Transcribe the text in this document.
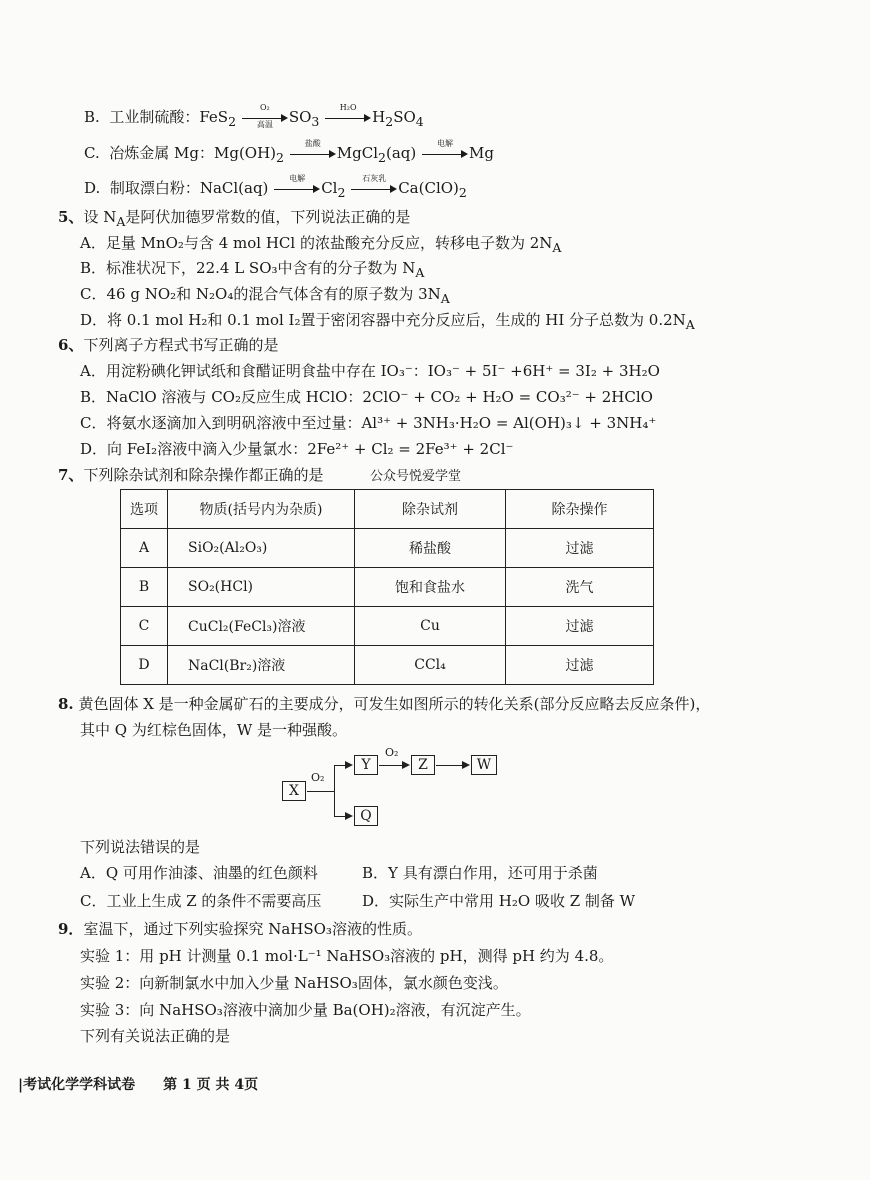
B. 工业制硫酸：FeS$_2$
O₂
高温	$SO_3$
H₂O
$H_2SO_4$
C. 冶炼金属 Mg：$Mg(OH)_2$
盐酸
MgCl$_2$(aq)
电解
Mg
D. 制取漂白粉：NaCl(aq)
电解
$Cl_2$
石灰乳
$Ca(ClO)_2$
5、设 $N_A$是阿伏加德罗常数的值，下列说法正确的是
A．足量 MnO₂与含 4 mol HCl 的浓盐酸充分反应，转移电子数为 $2N_A$
B．标准状况下，22.4 L SO₃中含有的分子数为 $N_A$
C．46 g NO₂和 N₂O₄的混合气体含有的原子数为 $3N_A$
D．将 0.1 mol H₂和 0.1 mol I₂置于密闭容器中充分反应后，生成的 HI 分子总数为 $0.2N_A$
6、下列离子方程式书写正确的是
A．用淀粉碘化钾试纸和食醋证明食盐中存在 IO₃⁻：IO₃⁻ + 5I⁻ +6H⁺ = 3I₂ + 3H₂O
B．NaClO 溶液与 CO₂反应生成 HClO：2ClO⁻ + CO₂ + H₂O = CO₃²⁻ + 2HClO
C．将氨水逐滴加入到明矾溶液中至过量：Al³⁺ + 3NH₃·H₂O = Al(OH)₃↓ + 3NH₄⁺
D．向 FeI₂溶液中滴入少量氯水：2Fe²⁺ + Cl₂ = 2Fe³⁺ + 2Cl⁻
7、下列除杂试剂和除杂操作都正确的是	公众号悦爱学堂
选项	物质(括号内为杂质)	除杂试剂	除杂操作
A	SiO₂(Al₂O₃)	稀盐酸	过滤
B	SO₂(HCl)	饱和食盐水	洗气
C	CuCl₂(FeCl₃)溶液	Cu	过滤
D	NaCl(Br₂)溶液	CCl₄	过滤
8. 黄色固体 X 是一种金属矿石的主要成分，可发生如图所示的转化关系(部分反应略去反应条件)，
其中 Q 为红棕色固体，W 是一种强酸。
X
O₂
Y
Q
O₂
Z	W
下列说法错误的是
A．Q 可用作油漆、油墨的红色颜料	B．Y 具有漂白作用，还可用于杀菌
C．工业上生成 Z 的条件不需要高压	D．实际生产中常用 H₂O 吸收 Z 制备 W
9．室温下，通过下列实验探究 NaHSO₃溶液的性质。
实验 1：用 pH 计测量 0.1 mol·L⁻¹ NaHSO₃溶液的 pH，测得 pH 约为 4.8。
实验 2：向新制氯水中加入少量 NaHSO₃固体，氯水颜色变浅。
实验 3：向 NaHSO₃溶液中滴加少量 Ba(OH)₂溶液，有沉淀产生。
下列有关说法正确的是
|考试化学学科试卷　　第 1 页 共 4页
